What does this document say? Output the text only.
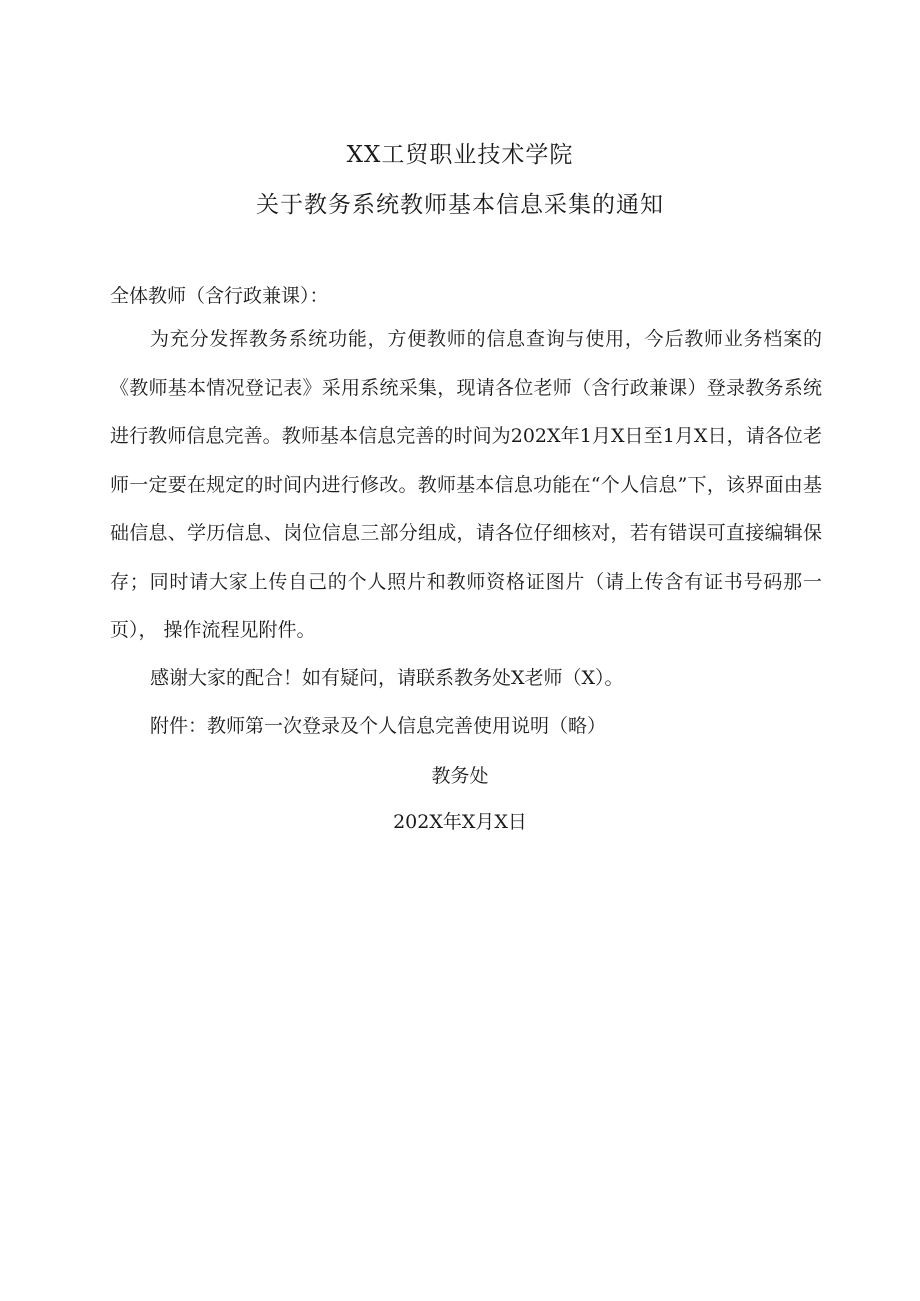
XX工贸职业技术学院
关于教务系统教师基本信息采集的通知
全体教师（含行政兼课）：
为充分发挥教务系统功能，方便教师的信息查询与使用，今后教师业务档案的《教师基本情况登记表》采用系统采集，现请各位老师（含行政兼课）登录教务系统进行教师信息完善。教师基本信息完善的时间为202X年1月X日至1月X日，请各位老师一定要在规定的时间内进行修改。教师基本信息功能在“个人信息”下，该界面由基础信息、学历信息、岗位信息三部分组成，请各位仔细核对，若有错误可直接编辑保存；同时请大家上传自己的个人照片和教师资格证图片（请上传含有证书号码那一页）， 操作流程见附件。
感谢大家的配合！如有疑问，请联系教务处X老师（X）。
附件：教师第一次登录及个人信息完善使用说明（略）
教务处
202X年X月X日
